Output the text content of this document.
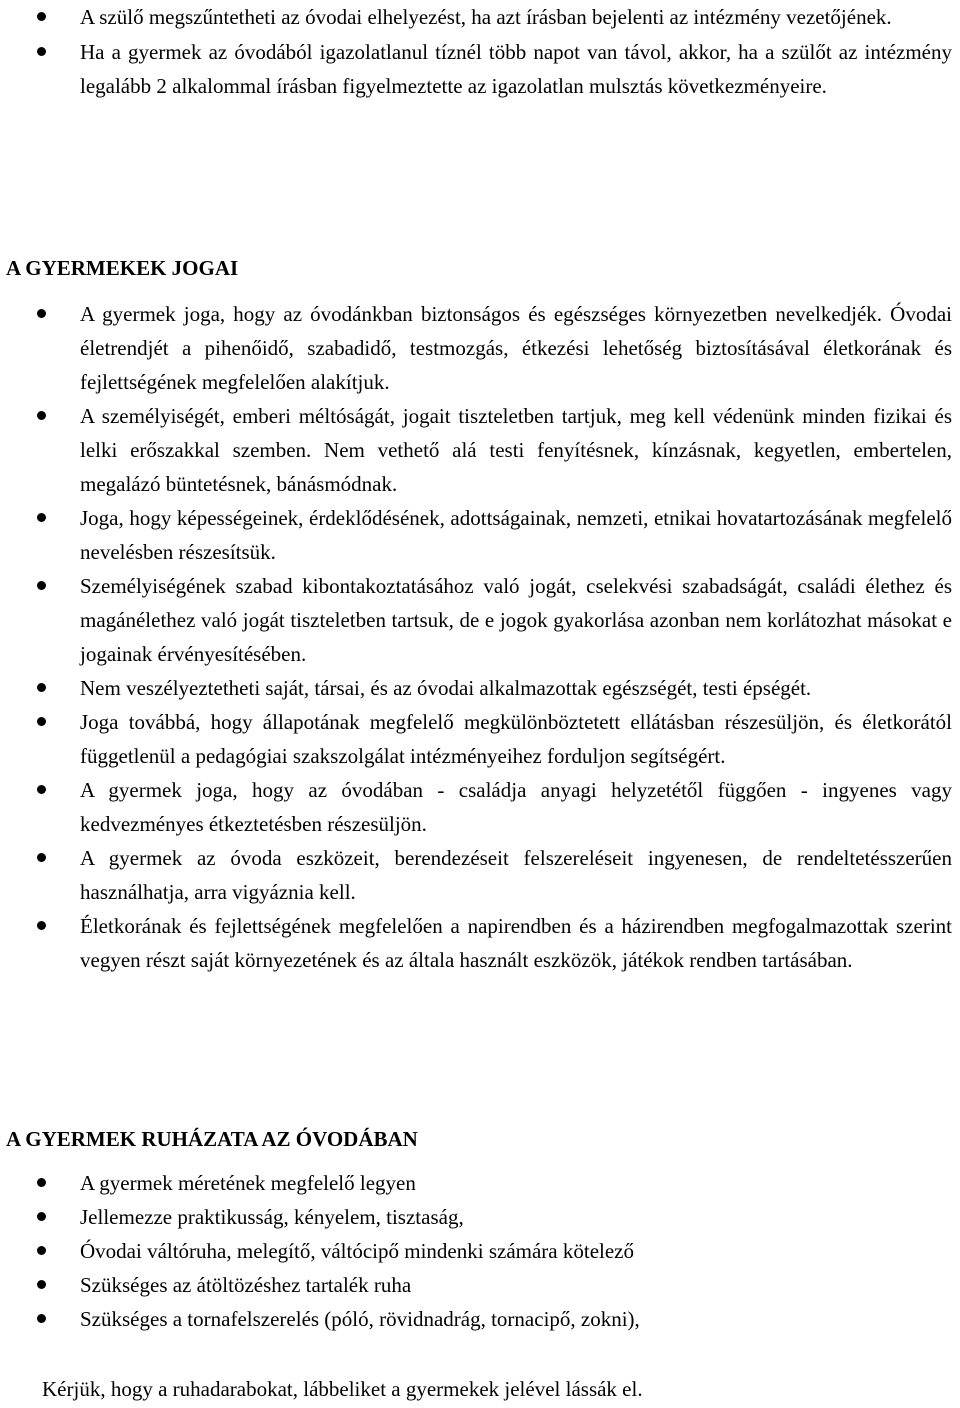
A szülő megszűntetheti az óvodai elhelyezést, ha azt írásban bejelenti az intézmény vezetőjének.
Ha a gyermek az óvodából igazolatlanul tíznél több napot van távol, akkor, ha a szülőt az intézmény legalább 2 alkalommal írásban figyelmeztette az igazolatlan mulsztás következményeire.
A GYERMEKEK JOGAI
A gyermek joga, hogy az óvodánkban biztonságos és egészséges környezetben nevelkedjék. Óvodai életrendjét a pihenőidő, szabadidő, testmozgás, étkezési lehetőség biztosításával életkorának és fejlettségének megfelelően alakítjuk.
A személyiségét, emberi méltóságát, jogait tiszteletben tartjuk, meg kell védenünk minden fizikai és lelki erőszakkal szemben. Nem vethető alá testi fenyítésnek, kínzásnak, kegyetlen, embertelen, megalázó büntetésnek, bánásmódnak.
Joga, hogy képességeinek, érdeklődésének, adottságainak, nemzeti, etnikai hovatartozásának megfelelő nevelésben részesítsük.
Személyiségének szabad kibontakoztatásához való jogát, cselekvési szabadságát, családi élethez és magánélethez való jogát tiszteletben tartsuk, de e jogok gyakorlása azonban nem korlátozhat másokat e jogainak érvényesítésében.
Nem veszélyeztetheti saját, társai, és az óvodai alkalmazottak egészségét, testi épségét.
Joga továbbá, hogy állapotának megfelelő megkülönböztetett ellátásban részesüljön, és életkorától függetlenül a pedagógiai szakszolgálat intézményeihez forduljon segítségért.
A gyermek joga, hogy az óvodában - családja anyagi helyzetétől függően - ingyenes vagy kedvezményes étkeztetésben részesüljön.
A gyermek az óvoda eszközeit, berendezéseit felszereléseit ingyenesen, de rendeltetésszerűen használhatja, arra vigyáznia kell.
Életkorának és fejlettségének megfelelően a napirendben és a házirendben megfogalmazottak szerint vegyen részt saját környezetének és az általa használt eszközök, játékok rendben tartásában.
A GYERMEK RUHÁZATA AZ ÓVODÁBAN
A gyermek méretének megfelelő legyen
Jellemezze praktikusság, kényelem, tisztaság,
Óvodai váltóruha, melegítő, váltócipő mindenki számára kötelező
Szükséges az átöltözéshez tartalék ruha
Szükséges a tornafelszerelés (póló, rövidnadrág, tornacipő, zokni),
Kérjük, hogy a ruhadarabokat, lábbeliket a gyermekek jelével lássák el.
